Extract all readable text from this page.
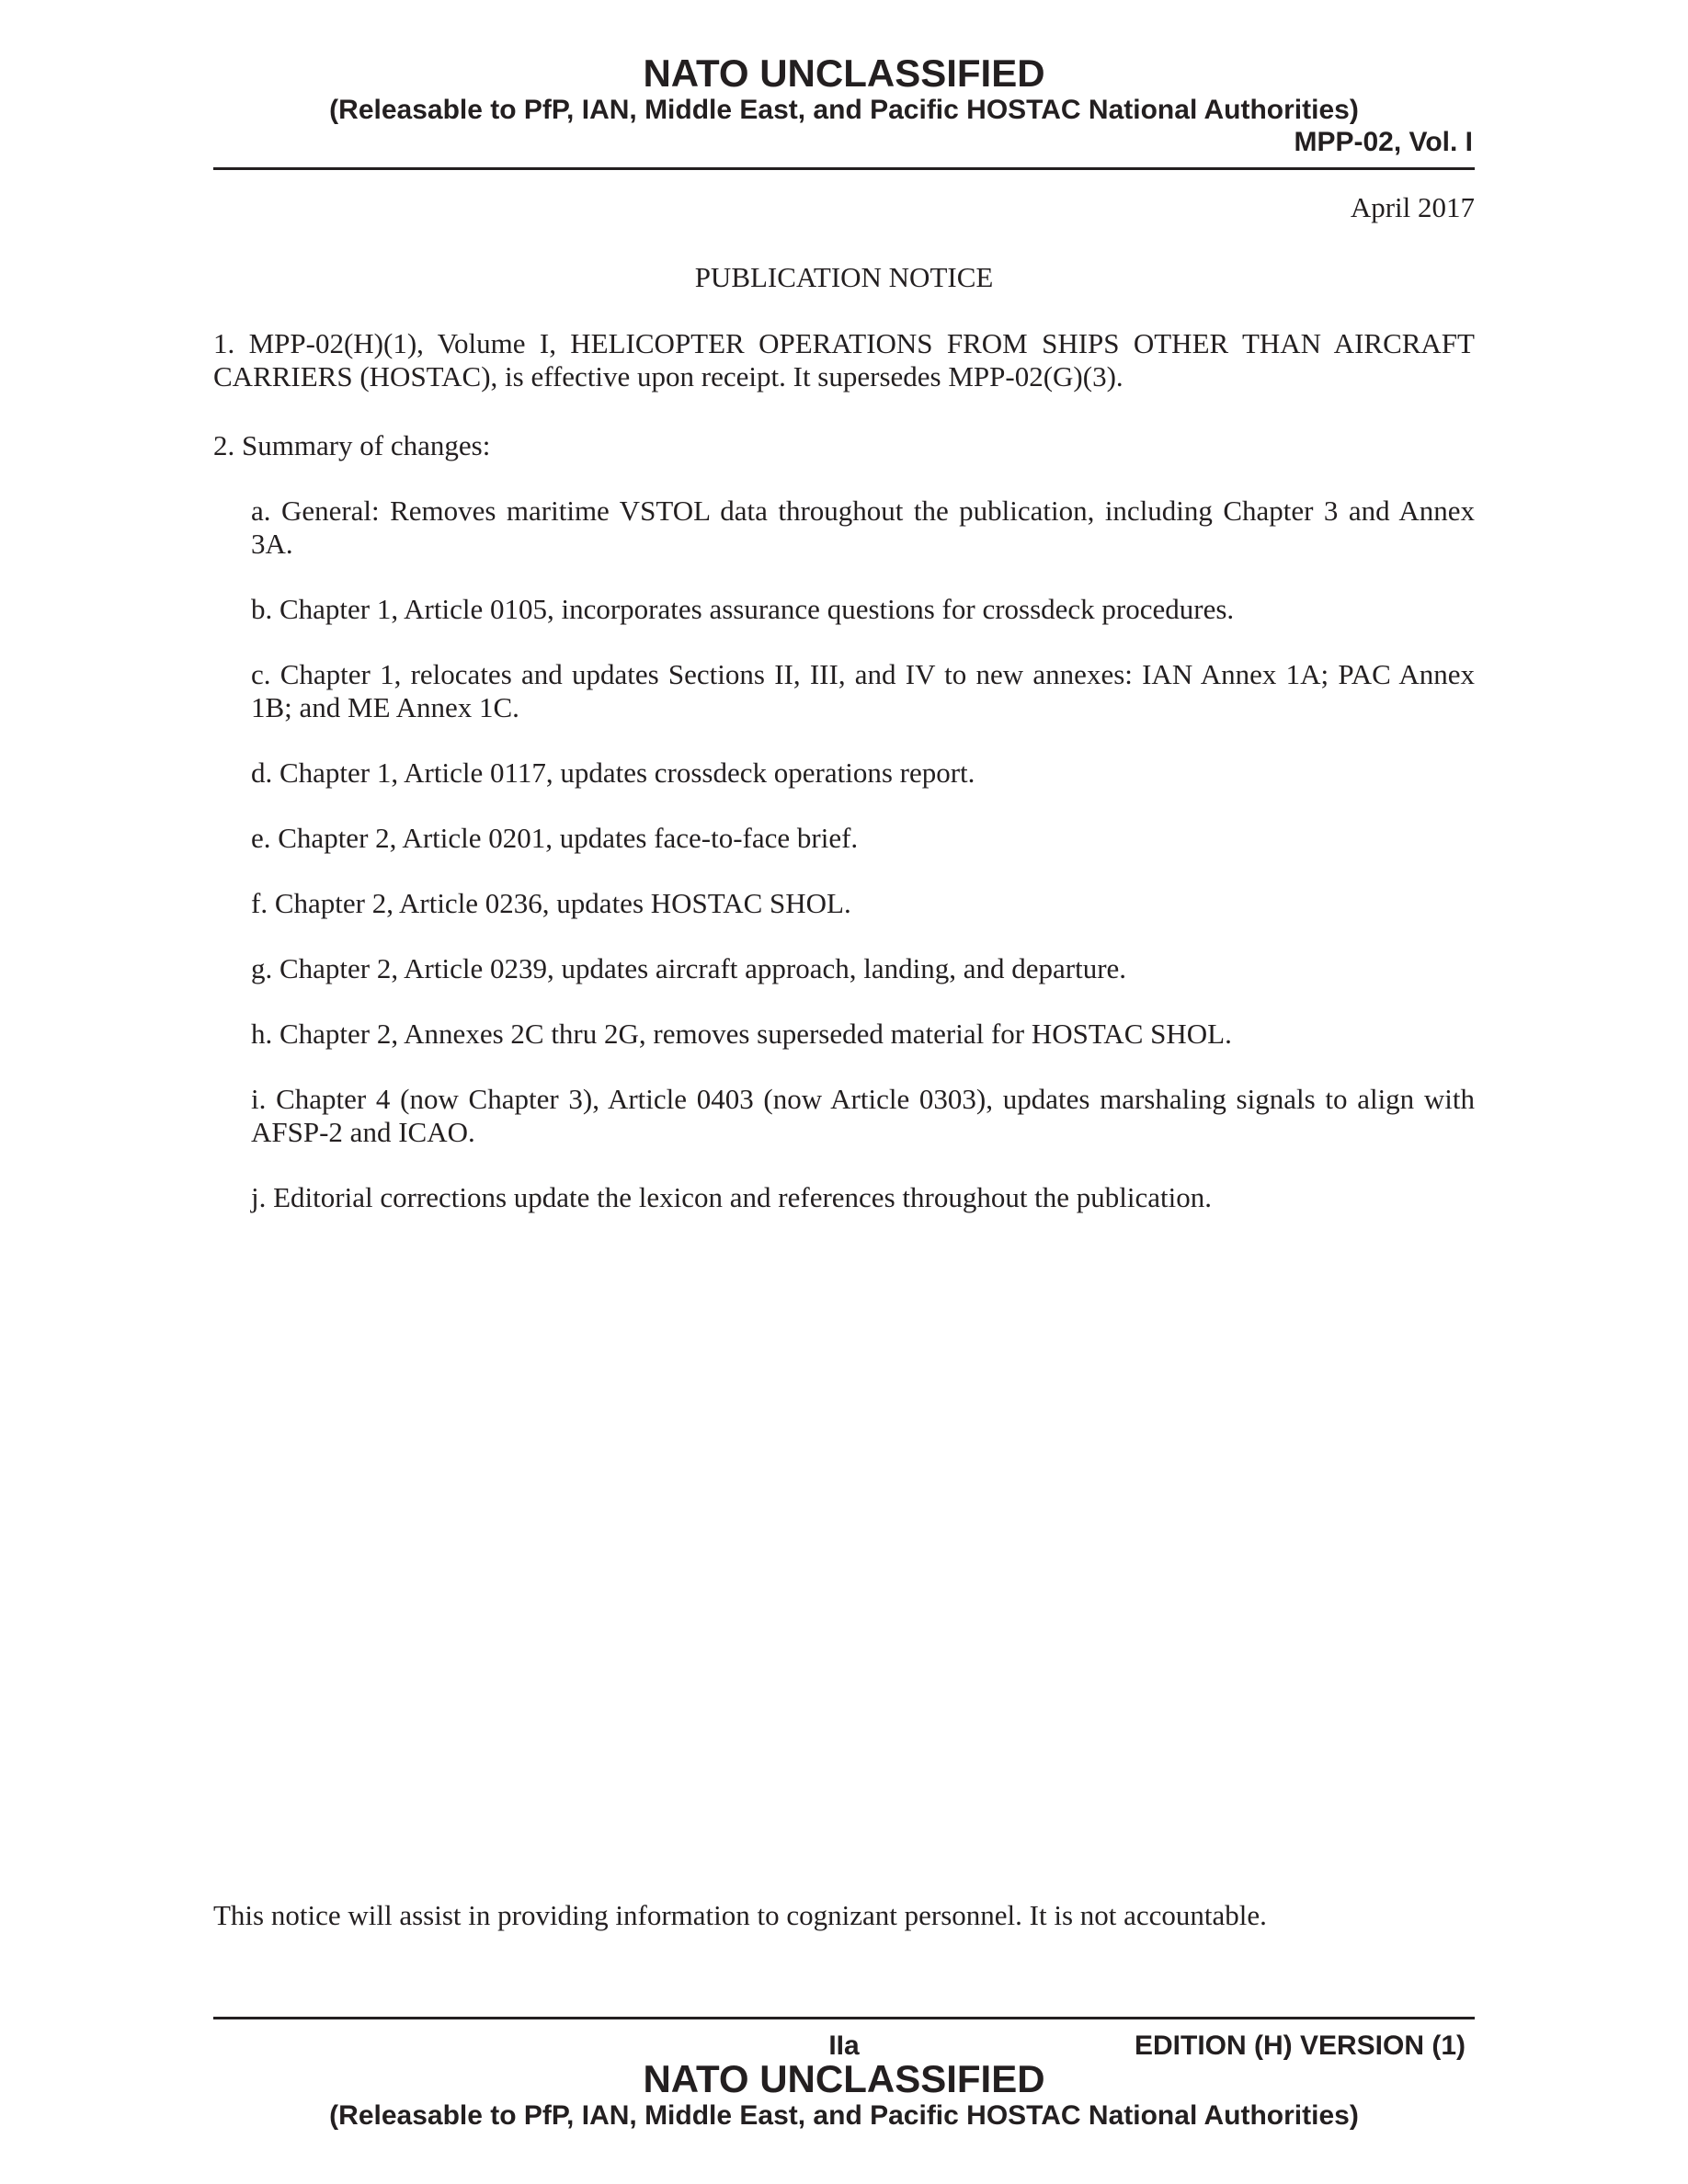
NATO UNCLASSIFIED
(Releasable to PfP, IAN, Middle East, and Pacific HOSTAC National Authorities)
MPP-02, Vol. I
April 2017
PUBLICATION NOTICE
1. MPP-02(H)(1), Volume I, HELICOPTER OPERATIONS FROM SHIPS OTHER THAN AIRCRAFT CARRIERS (HOSTAC), is effective upon receipt. It supersedes MPP-02(G)(3).
2. Summary of changes:
a. General: Removes maritime VSTOL data throughout the publication, including Chapter 3 and Annex 3A.
b. Chapter 1, Article 0105, incorporates assurance questions for crossdeck procedures.
c. Chapter 1, relocates and updates Sections II, III, and IV to new annexes: IAN Annex 1A; PAC Annex 1B; and ME Annex 1C.
d. Chapter 1, Article 0117, updates crossdeck operations report.
e. Chapter 2, Article 0201, updates face-to-face brief.
f. Chapter 2, Article 0236, updates HOSTAC SHOL.
g. Chapter 2, Article 0239, updates aircraft approach, landing, and departure.
h. Chapter 2, Annexes 2C thru 2G, removes superseded material for HOSTAC SHOL.
i. Chapter 4 (now Chapter 3), Article 0403 (now Article 0303), updates marshaling signals to align with AFSP-2 and ICAO.
j. Editorial corrections update the lexicon and references throughout the publication.
This notice will assist in providing information to cognizant personnel. It is not accountable.
IIa	EDITION (H) VERSION (1)
NATO UNCLASSIFIED
(Releasable to PfP, IAN, Middle East, and Pacific HOSTAC National Authorities)
